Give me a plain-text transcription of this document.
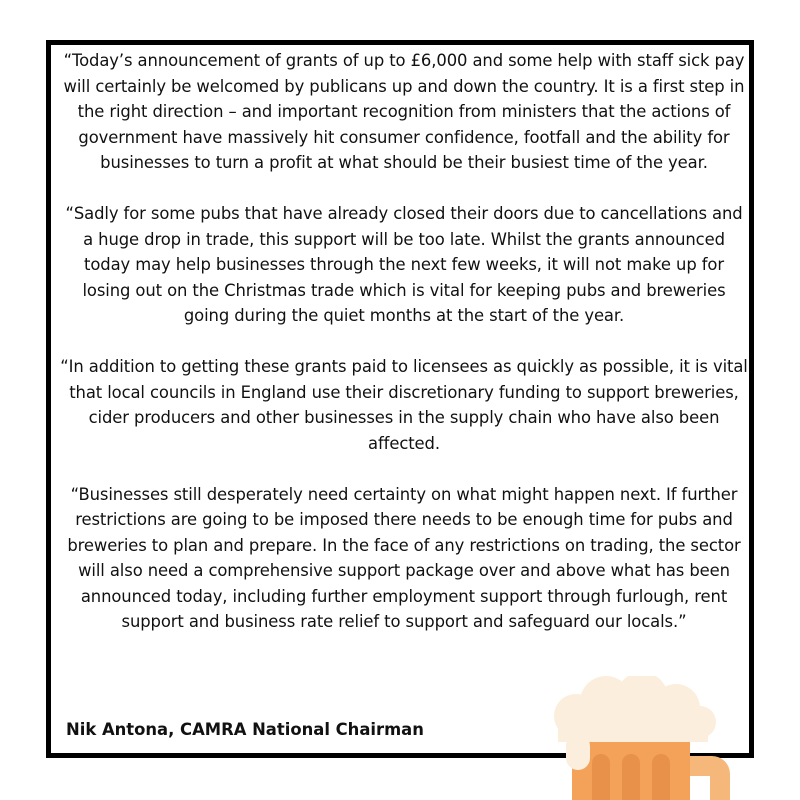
“Today’s announcement of grants of up to £6,000 and some help with staff sick pay will certainly be welcomed by publicans up and down the country. It is a first step in the right direction – and important recognition from ministers that the actions of government have massively hit consumer confidence, footfall and the ability for businesses to turn a profit at what should be their busiest time of the year.

“Sadly for some pubs that have already closed their doors due to cancellations and a huge drop in trade, this support will be too late. Whilst the grants announced today may help businesses through the next few weeks, it will not make up for losing out on the Christmas trade which is vital for keeping pubs and breweries going during the quiet months at the start of the year.

“In addition to getting these grants paid to licensees as quickly as possible, it is vital that local councils in England use their discretionary funding to support breweries, cider producers and other businesses in the supply chain who have also been affected.

“Businesses still desperately need certainty on what might happen next. If further restrictions are going to be imposed there needs to be enough time for pubs and breweries to plan and prepare. In the face of any restrictions on trading, the sector will also need a comprehensive support package over and above what has been announced today, including further employment support through furlough, rent support and business rate relief to support and safeguard our locals.”

Nik Antona, CAMRA National Chairman
